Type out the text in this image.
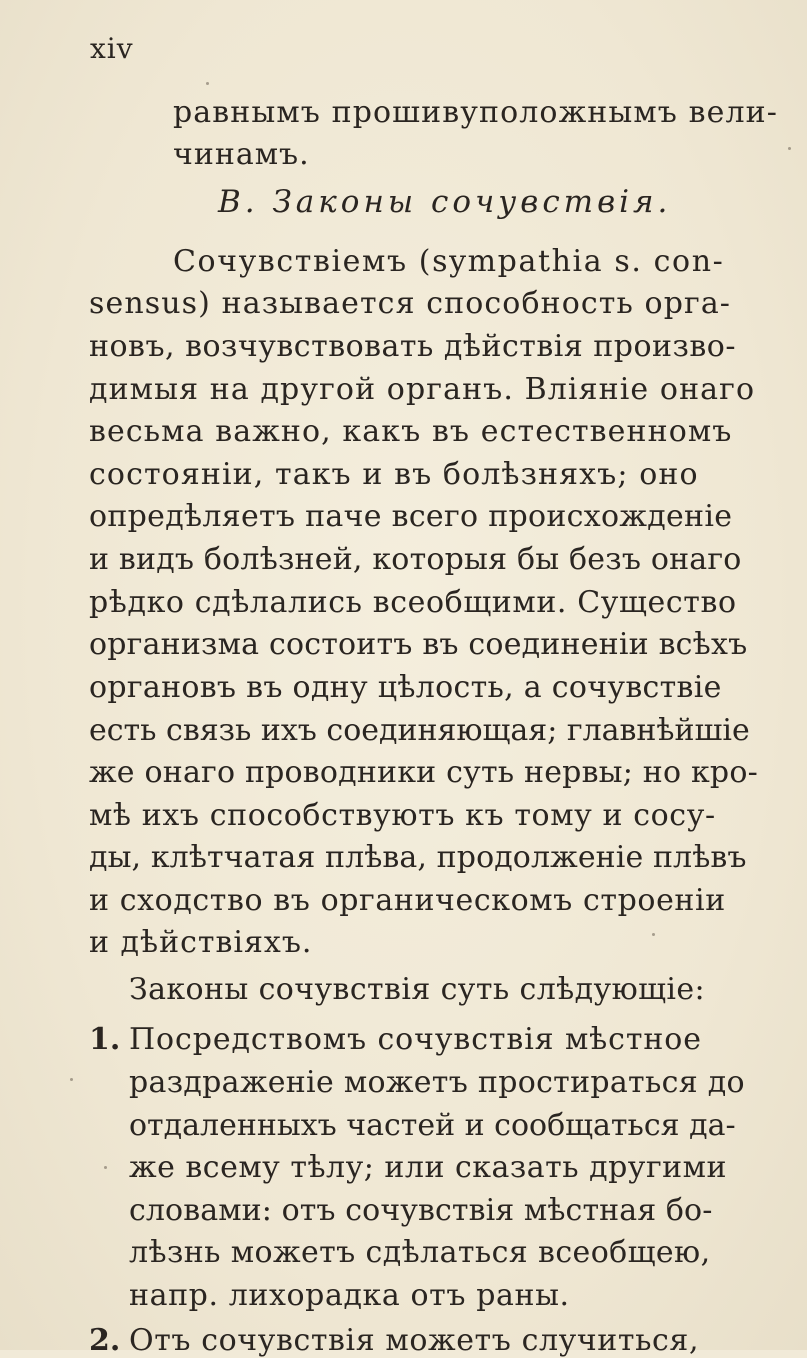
xiv
равнымъ прошивуположнымъ вели-
чинамъ.
В. Законы сочувствія.
Сочувствіемъ (sympathia s. con-
sensus) называется способность орга-
новъ, возчувствовать дѣйствія произво-
димыя на другой органъ. Вліяніе онаго
весьма важно, какъ въ естественномъ
состояніи, такъ и въ болѣзняхъ; оно
опредѣляетъ паче всего происхожденіе
и видъ болѣзней, которыя бы безъ онаго
рѣдко сдѣлались всеобщими. Существо
организма состоитъ въ соединеніи всѣхъ
органовъ въ одну цѣлость, а сочувствіе
есть связь ихъ соединяющая; главнѣйшіе
же онаго проводники суть нервы; но кро-
мѣ ихъ способствуютъ къ тому и сосу-
ды, клѣтчатая плѣва, продолженіе плѣвъ
и сходство въ органическомъ строеніи
и дѣйствіяхъ.
Законы сочувствія суть слѣдующіе:
1. Посредствомъ сочувствія мѣстное
раздраженіе можетъ простираться до
отдаленныхъ частей и сообщаться да-
же всему тѣлу; или сказать другими
словами: отъ сочувствія мѣстная бо-
лѣзнь можетъ сдѣлаться всеобщею,
напр. лихорадка отъ раны.
2. Отъ сочувствія можетъ случиться,
